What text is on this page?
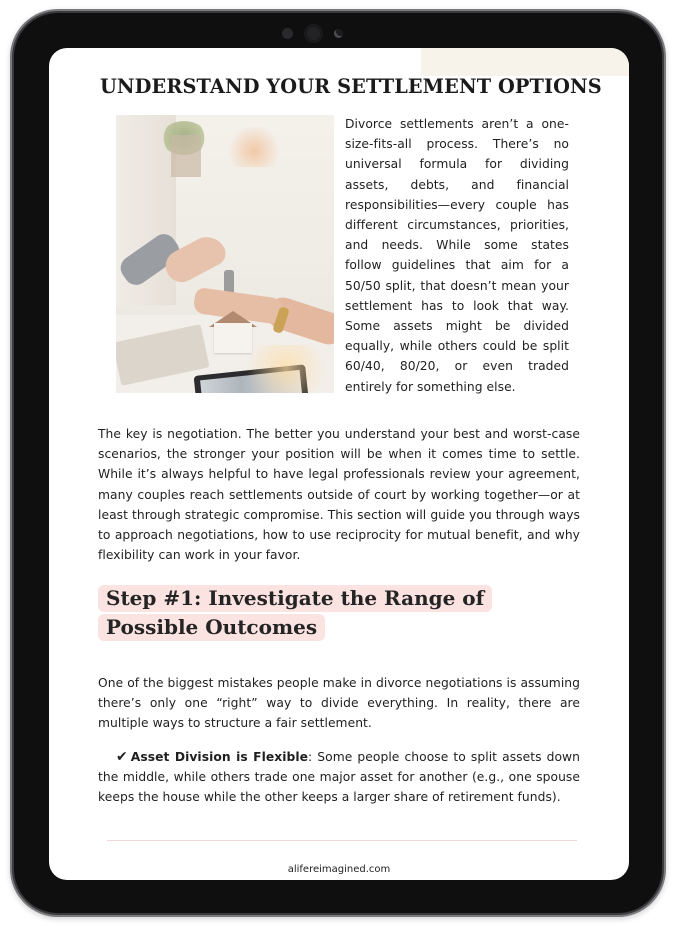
UNDERSTAND YOUR SETTLEMENT OPTIONS

Divorce settlements aren’t a one-size-fits-all process. There’s no universal formula for dividing assets, debts, and financial responsibilities—every couple has different circumstances, priorities, and needs. While some states follow guidelines that aim for a 50/50 split, that doesn’t mean your settlement has to look that way. Some assets might be divided equally, while others could be split 60/40, 80/20, or even traded entirely for something else.

The key is negotiation. The better you understand your best and worst-case scenarios, the stronger your position will be when it comes time to settle. While it’s always helpful to have legal professionals review your agreement, many couples reach settlements outside of court by working together—or at least through strategic compromise. This section will guide you through ways to approach negotiations, how to use reciprocity for mutual benefit, and why flexibility can work in your favor.

Step #1: Investigate the Range of Possible Outcomes

One of the biggest mistakes people make in divorce negotiations is assuming there’s only one “right” way to divide everything. In reality, there are multiple ways to structure a fair settlement.

✔ Asset Division is Flexible: Some people choose to split assets down the middle, while others trade one major asset for another (e.g., one spouse keeps the house while the other keeps a larger share of retirement funds).

alifereimagined.com
